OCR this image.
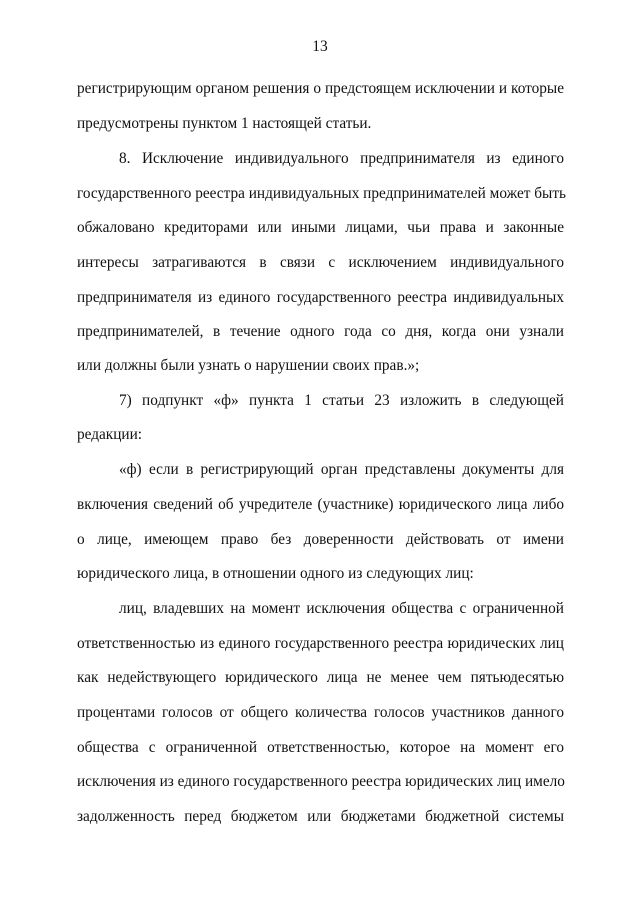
13
регистрирующим органом решения о предстоящем исключении и которые
предусмотрены пунктом 1 настоящей статьи.
8. Исключение индивидуального предпринимателя из единого
государственного реестра индивидуальных предпринимателей может быть
обжаловано кредиторами или иными лицами, чьи права и законные
интересы затрагиваются в связи с исключением индивидуального
предпринимателя из единого государственного реестра индивидуальных
предпринимателей, в течение одного года со дня, когда они узнали
или должны были узнать о нарушении своих прав.»;
7) подпункт «ф» пункта 1 статьи 23 изложить в следующей
редакции:
«ф) если в регистрирующий орган представлены документы для
включения сведений об учредителе (участнике) юридического лица либо
о лице, имеющем право без доверенности действовать от имени
юридического лица, в отношении одного из следующих лиц:
лиц, владевших на момент исключения общества с ограниченной
ответственностью из единого государственного реестра юридических лиц
как недействующего юридического лица не менее чем пятьюдесятью
процентами голосов от общего количества голосов участников данного
общества с ограниченной ответственностью, которое на момент его
исключения из единого государственного реестра юридических лиц имело
задолженность перед бюджетом или бюджетами бюджетной системы
